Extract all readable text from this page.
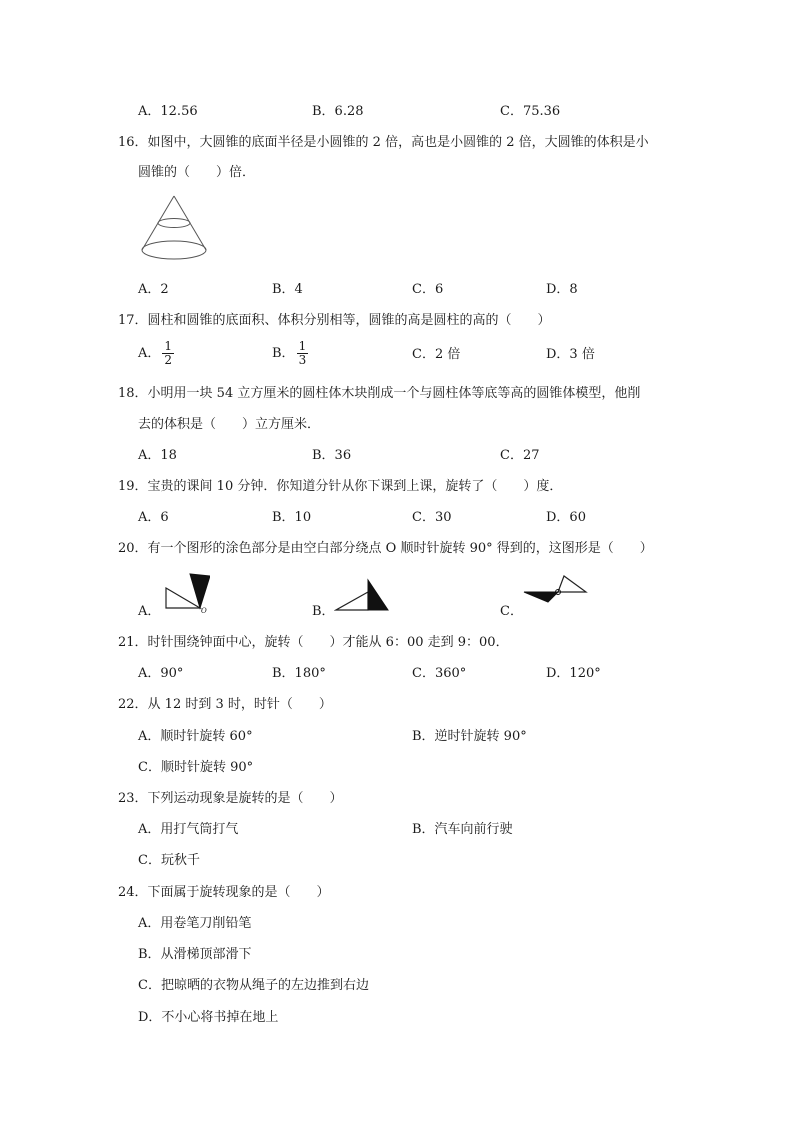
A．12.56	B．6.28	C．75.36
16．如图中，大圆锥的底面半径是小圆锥的 2 倍，高也是小圆锥的 2 倍，大圆锥的体积是小
圆锥的（　　）倍．
A．2	B．4	C．6	D．8
17．圆柱和圆锥的底面积、体积分别相等，圆锥的高是圆柱的高的（　　）
A． $\frac{1}{2}$	B． $\frac{1}{3}$	C．2 倍	D．3 倍
18．小明用一块 54 立方厘米的圆柱体木块削成一个与圆柱体等底等高的圆锥体模型，他削
去的体积是（　　）立方厘米．
A．18	B．36	C．27
19．宝贵的课间 10 分钟．你知道分针从你下课到上课，旋转了（　　）度．
A．6	B．10	C．30	D．60
20．有一个图形的涂色部分是由空白部分绕点 O 顺时针旋转 90° 得到的，这图形是（　　）
A．	O	B．	C．
21．时针围绕钟面中心，旋转（　　）才能从 6：00 走到 9：00．
A．90°	B．180°	C．360°	D．120°
22．从 12 时到 3 时，时针（　　）
A．顺时针旋转 60°	B．逆时针旋转 90°
C．顺时针旋转 90°
23．下列运动现象是旋转的是（　　）
A．用打气筒打气	B．汽车向前行驶
C．玩秋千
24．下面属于旋转现象的是（　　）
A．用卷笔刀削铅笔
B．从滑梯顶部滑下
C．把晾晒的衣物从绳子的左边推到右边
D．不小心将书掉在地上
